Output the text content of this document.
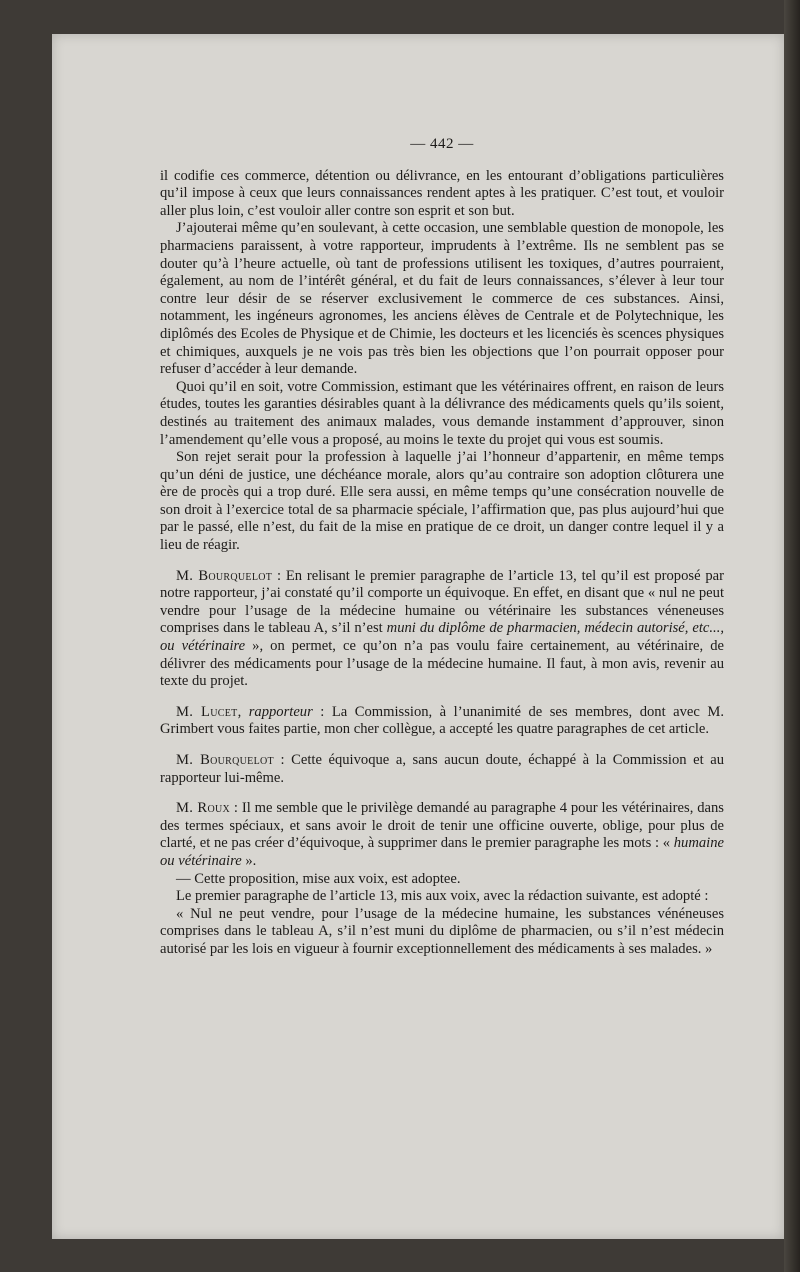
— 442 —

il codifie ces commerce, détention ou délivrance, en les entourant d’obligations particulières qu’il impose à ceux que leurs connaissances rendent aptes à les pratiquer. C’est tout, et vouloir aller plus loin, c’est vouloir aller contre son esprit et son but.

J’ajouterai même qu’en soulevant, à cette occasion, une semblable question de monopole, les pharmaciens paraissent, à votre rapporteur, imprudents à l’extrême. Ils ne semblent pas se douter qu’à l’heure actuelle, où tant de professions utilisent les toxiques, d’autres pourraient, également, au nom de l’intérêt général, et du fait de leurs connaissances, s’élever à leur tour contre leur désir de se réserver exclusivement le commerce de ces substances. Ainsi, notamment, les ingéneurs agronomes, les anciens élèves de Centrale et de Polytechnique, les diplômés des Ecoles de Physique et de Chimie, les docteurs et les licenciés ès scences physiques et chimiques, auxquels je ne vois pas très bien les objections que l’on pourrait opposer pour refuser d’accéder à leur demande.

Quoi qu’il en soit, votre Commission, estimant que les vétérinaires offrent, en raison de leurs études, toutes les garanties désirables quant à la délivrance des médicaments quels qu’ils soient, destinés au traitement des animaux malades, vous demande instamment d’approuver, sinon l’amendement qu’elle vous a proposé, au moins le texte du projet qui vous est soumis.

Son rejet serait pour la profession à laquelle j’ai l’honneur d’appartenir, en même temps qu’un déni de justice, une déchéance morale, alors qu’au contraire son adoption clôturera une ère de procès qui a trop duré. Elle sera aussi, en même temps qu’une consécration nouvelle de son droit à l’exercice total de sa pharmacie spéciale, l’affirmation que, pas plus aujourd’hui que par le passé, elle n’est, du fait de la mise en pratique de ce droit, un danger contre lequel il y a lieu de réagir.

M. Bourquelot : En relisant le premier paragraphe de l’article 13, tel qu’il est proposé par notre rapporteur, j’ai constaté qu’il comporte un équivoque. En effet, en disant que « nul ne peut vendre pour l’usage de la médecine humaine ou vétérinaire les substances véneneuses comprises dans le tableau A, s’il n’est muni du diplôme de pharmacien, médecin autorisé, etc..., ou vétérinaire », on permet, ce qu’on n’a pas voulu faire certainement, au vétérinaire, de délivrer des médicaments pour l’usage de la médecine humaine. Il faut, à mon avis, revenir au texte du projet.

M. Lucet, rapporteur : La Commission, à l’unanimité de ses membres, dont avec M. Grimbert vous faites partie, mon cher collègue, a accepté les quatre paragraphes de cet article.

M. Bourquelot : Cette équivoque a, sans aucun doute, échappé à la Commission et au rapporteur lui-même.

M. Roux : Il me semble que le privilège demandé au paragraphe 4 pour les vétérinaires, dans des termes spéciaux, et sans avoir le droit de tenir une officine ouverte, oblige, pour plus de clarté, et ne pas créer d’équivoque, à supprimer dans le premier paragraphe les mots : « humaine ou vétérinaire ».

— Cette proposition, mise aux voix, est adoptee.

Le premier paragraphe de l’article 13, mis aux voix, avec la rédaction suivante, est adopté :

« Nul ne peut vendre, pour l’usage de la médecine humaine, les substances vénéneuses comprises dans le tableau A, s’il n’est muni du diplôme de pharmacien, ou s’il n’est médecin autorisé par les lois en vigueur à fournir exceptionnellement des médicaments à ses malades. »
